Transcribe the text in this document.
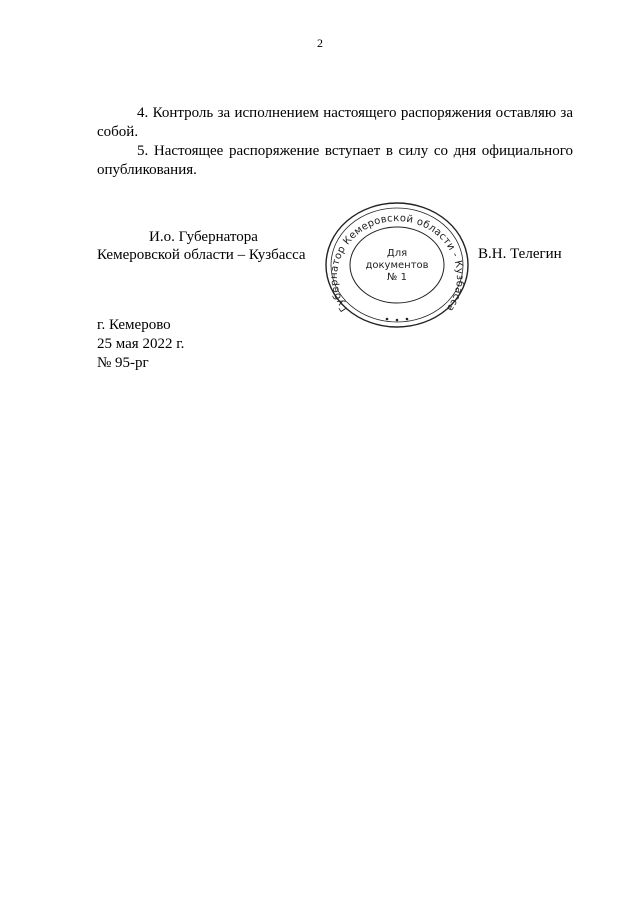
2

4. Контроль за исполнением настоящего распоряжения оставляю за собой.

5. Настоящее распоряжение вступает в силу со дня официального опубликования.

И.о. Губернатора
Кемеровской области – Кузбасса
Губернатор Кемеровской области - Кузбасса
Для
документов
№ 1
В.Н. Телегин
г. Кемерово
25 мая 2022 г.
№ 95-рг
